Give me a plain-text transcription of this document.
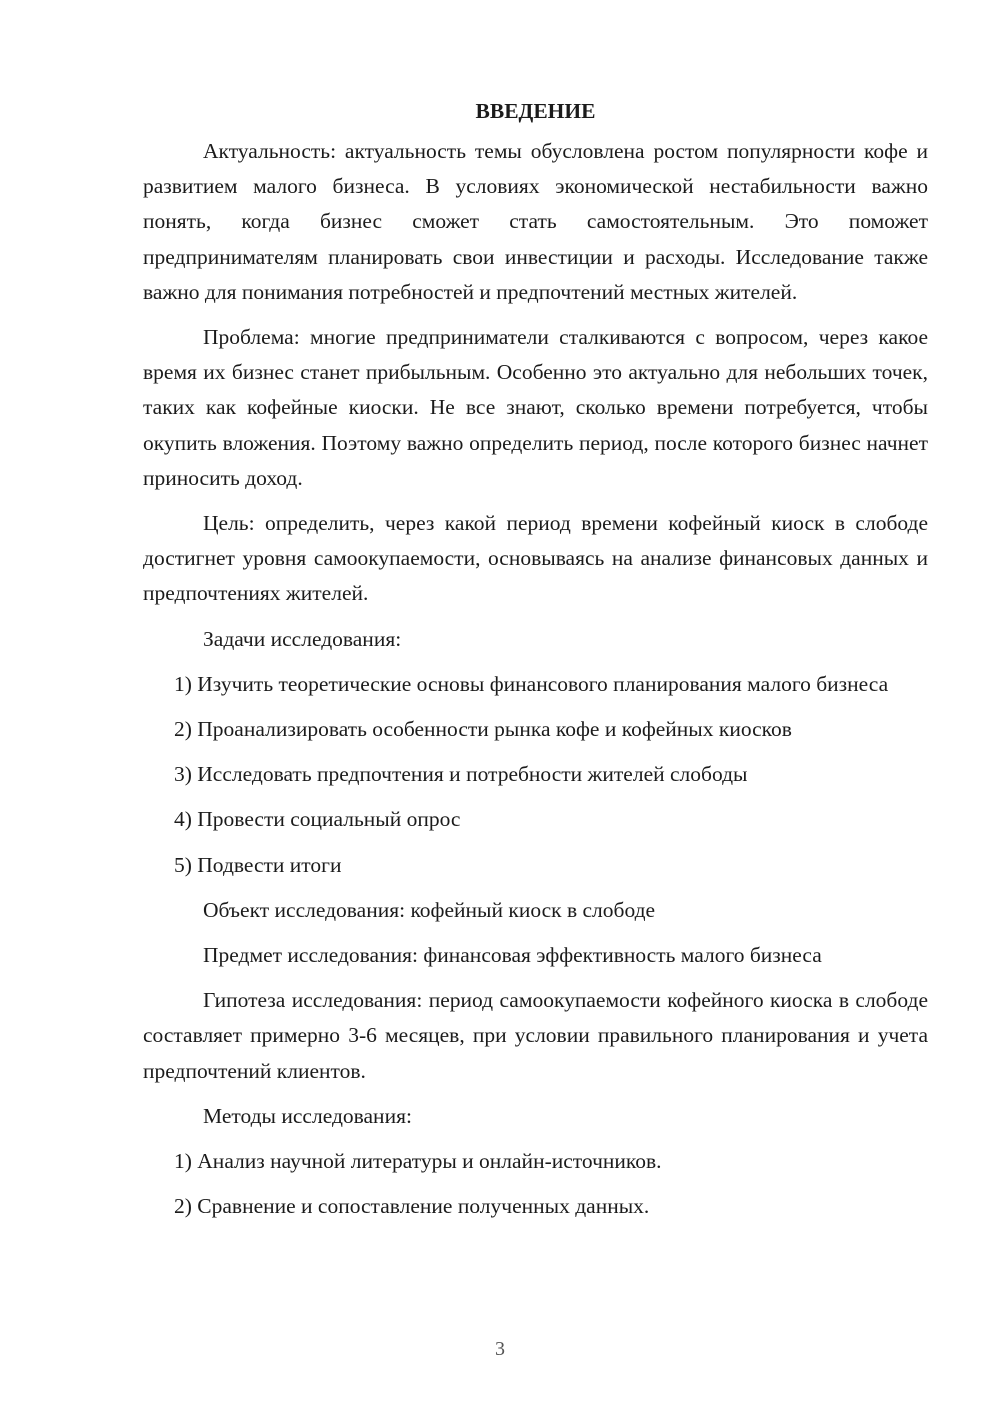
ВВЕДЕНИЕ

Актуальность: актуальность темы обусловлена ростом популярности кофе и развитием малого бизнеса. В условиях экономической нестабильности важно понять, когда бизнес сможет стать самостоятельным. Это поможет предпринимателям планировать свои инвестиции и расходы. Исследование также важно для понимания потребностей и предпочтений местных жителей.

Проблема: многие предприниматели сталкиваются с вопросом, через какое время их бизнес станет прибыльным. Особенно это актуально для небольших точек, таких как кофейные киоски. Не все знают, сколько времени потребуется, чтобы окупить вложения. Поэтому важно определить период, после которого бизнес начнет приносить доход.

Цель: определить, через какой период времени кофейный киоск в слободе достигнет уровня самоокупаемости, основываясь на анализе финансовых данных и предпочтениях жителей.

Задачи исследования:

1) Изучить теоретические основы финансового планирования малого бизнеса

2) Проанализировать особенности рынка кофе и кофейных киосков

3) Исследовать предпочтения и потребности жителей слободы

4) Провести социальный опрос

5) Подвести итоги

Объект исследования: кофейный киоск в слободе

Предмет исследования: финансовая эффективность малого бизнеса

Гипотеза исследования: период самоокупаемости кофейного киоска в слободе составляет примерно 3-6 месяцев, при условии правильного планирования и учета предпочтений клиентов.

Методы исследования:

1) Анализ научной литературы и онлайн-источников.

2) Сравнение и сопоставление полученных данных.

3
